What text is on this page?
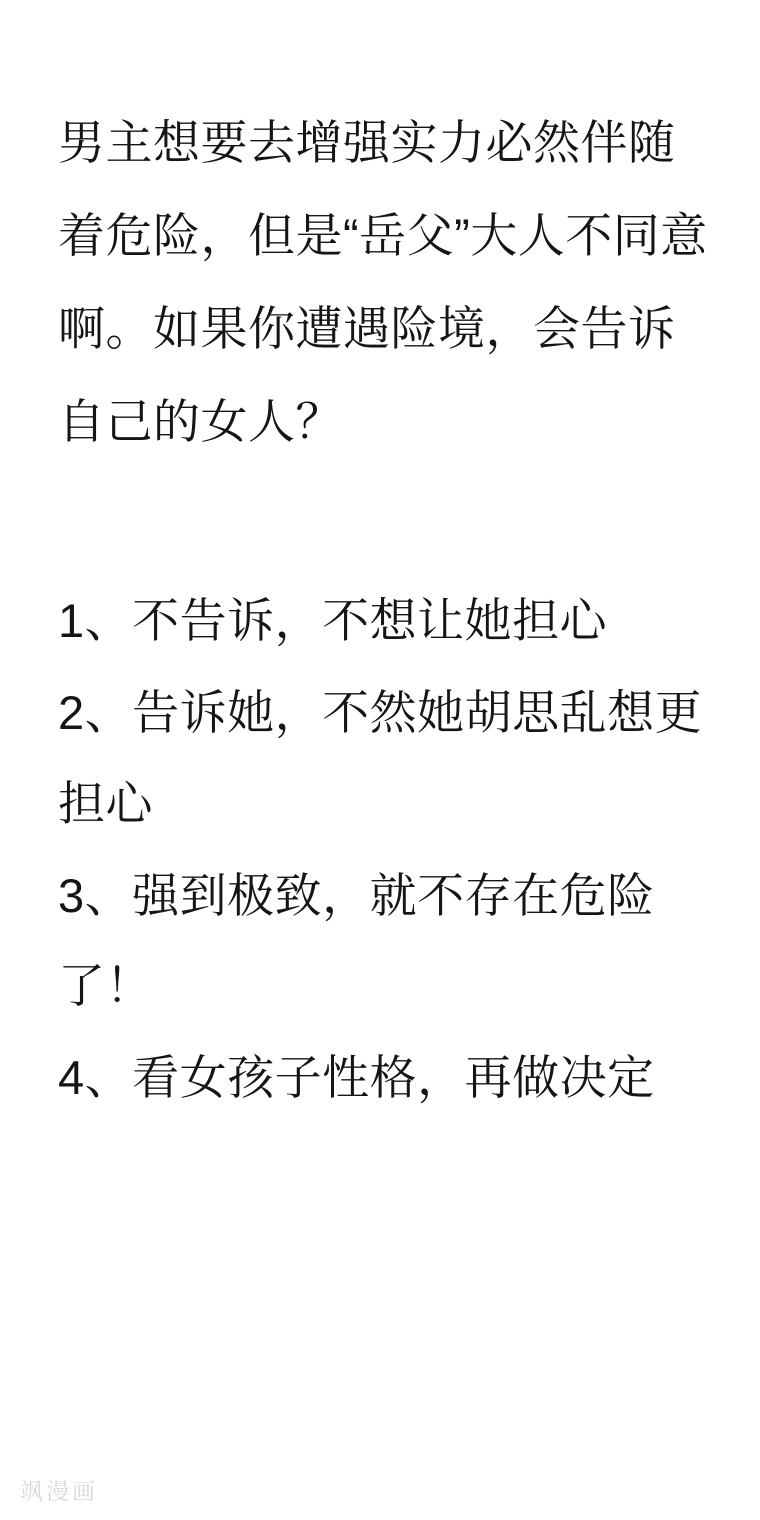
男主想要去增强实力必然伴随着危险，但是“岳父”大人不同意啊。如果你遭遇险境，会告诉自己的女人？
1、不告诉，不想让她担心
2、告诉她，不然她胡思乱想更担心
3、强到极致，就不存在危险了！
4、看女孩子性格，再做决定
飒漫画
